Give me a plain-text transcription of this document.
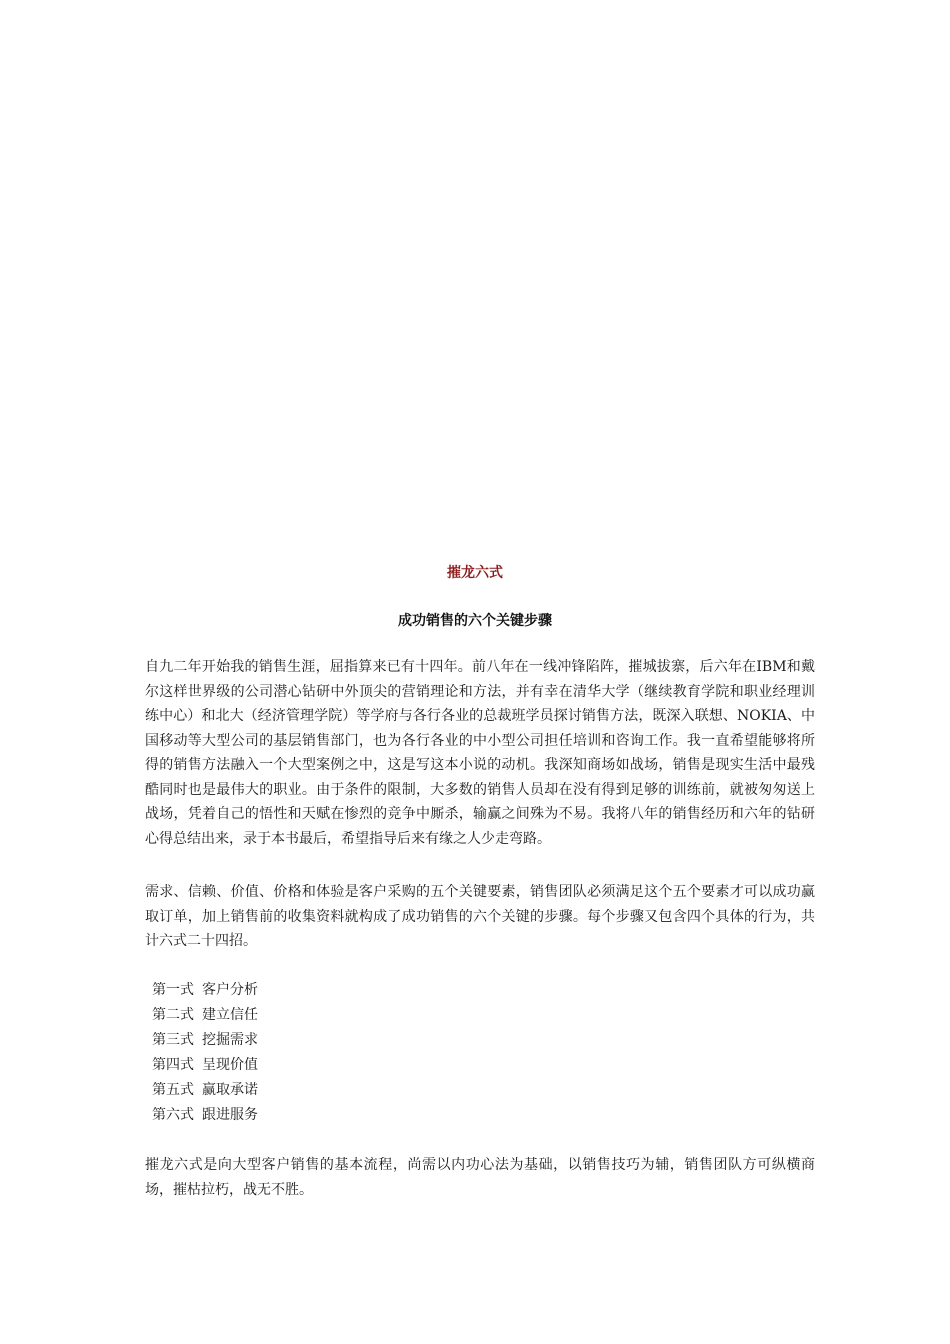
摧龙六式
成功销售的六个关键步骤

自九二年开始我的销售生涯，屈指算来已有十四年。前八年在一线冲锋陷阵，摧城拔寨，后六年在IBM和戴尔这样世界级的公司潜心钻研中外顶尖的营销理论和方法，并有幸在清华大学（继续教育学院和职业经理训练中心）和北大（经济管理学院）等学府与各行各业的总裁班学员探讨销售方法，既深入联想、NOKIA、中国移动等大型公司的基层销售部门，也为各行各业的中小型公司担任培训和咨询工作。我一直希望能够将所得的销售方法融入一个大型案例之中，这是写这本小说的动机。我深知商场如战场，销售是现实生活中最残酷同时也是最伟大的职业。由于条件的限制，大多数的销售人员却在没有得到足够的训练前，就被匆匆送上战场，凭着自己的悟性和天赋在惨烈的竞争中厮杀，输赢之间殊为不易。我将八年的销售经历和六年的钻研心得总结出来，录于本书最后，希望指导后来有缘之人少走弯路。

需求、信赖、价值、价格和体验是客户采购的五个关键要素，销售团队必须满足这个五个要素才可以成功赢取订单，加上销售前的收集资料就构成了成功销售的六个关键的步骤。每个步骤又包含四个具体的行为，共计六式二十四招。

第一式 客户分析
第二式 建立信任
第三式 挖掘需求
第四式 呈现价值
第五式 赢取承诺
第六式 跟进服务

摧龙六式是向大型客户销售的基本流程，尚需以内功心法为基础，以销售技巧为辅，销售团队方可纵横商场，摧枯拉朽，战无不胜。
